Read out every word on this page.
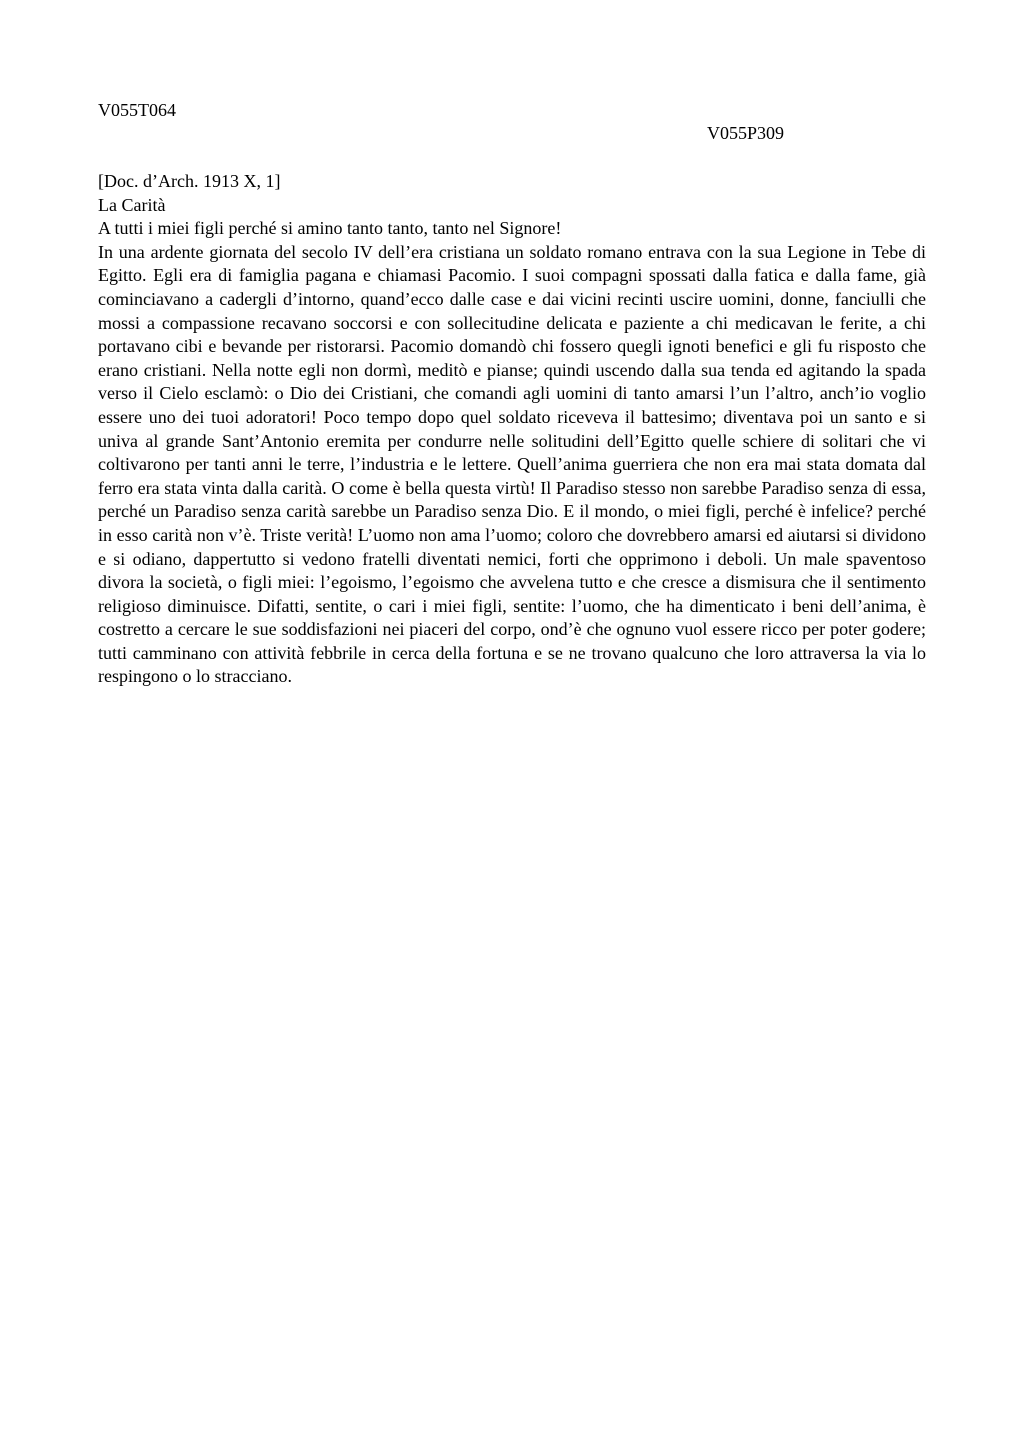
V055T064

V055P309

[Doc. d’Arch. 1913 X, 1]

La Carità

A tutti i miei figli perché si amino tanto tanto, tanto nel Signore!

In una ardente giornata del secolo IV dell’era cristiana un soldato romano entrava con la sua Legione in Tebe di Egitto. Egli era di famiglia pagana e chiamasi Pacomio. I suoi compagni spossati dalla fatica e dalla fame, già cominciavano a cadergli d’intorno, quand’ecco dalle case e dai vicini recinti uscire uomini, donne, fanciulli che mossi a compassione recavano soccorsi e con sollecitudine delicata e paziente a chi medicavan le ferite, a chi portavano cibi e bevande per ristorarsi. Pacomio domandò chi fossero quegli ignoti benefici e gli fu risposto che erano cristiani. Nella notte egli non dormì, meditò e pianse; quindi uscendo dalla sua tenda ed agitando la spada verso il Cielo esclamò: o Dio dei Cristiani, che comandi agli uomini di tanto amarsi l’un l’altro, anch’io voglio essere uno dei tuoi adoratori! Poco tempo dopo quel soldato riceveva il battesimo; diventava poi un santo e si univa al grande Sant’Antonio eremita per condurre nelle solitudini dell’Egitto quelle schiere di solitari che vi coltivarono per tanti anni le terre, l’industria e le lettere. Quell’anima guerriera che non era mai stata domata dal ferro era stata vinta dalla carità. O come è bella questa virtù! Il Paradiso stesso non sarebbe Paradiso senza di essa, perché un Paradiso senza carità sarebbe un Paradiso senza Dio. E il mondo, o miei figli, perché è infelice? perché in esso carità non v’è. Triste verità! L’uomo non ama l’uomo; coloro che dovrebbero amarsi ed aiutarsi si dividono e si odiano, dappertutto si vedono fratelli diventati nemici, forti che opprimono i deboli. Un male spaventoso divora la società, o figli miei: l’egoismo, l’egoismo che avvelena tutto e che cresce a dismisura che il sentimento religioso diminuisce. Difatti, sentite, o cari i miei figli, sentite: l’uomo, che ha dimenticato i beni dell’anima, è costretto a cercare le sue soddisfazioni nei piaceri del corpo, ond’è che ognuno vuol essere ricco per poter godere; tutti camminano con attività febbrile in cerca della fortuna e se ne trovano qualcuno che loro attraversa la via lo respingono o lo stracciano.
